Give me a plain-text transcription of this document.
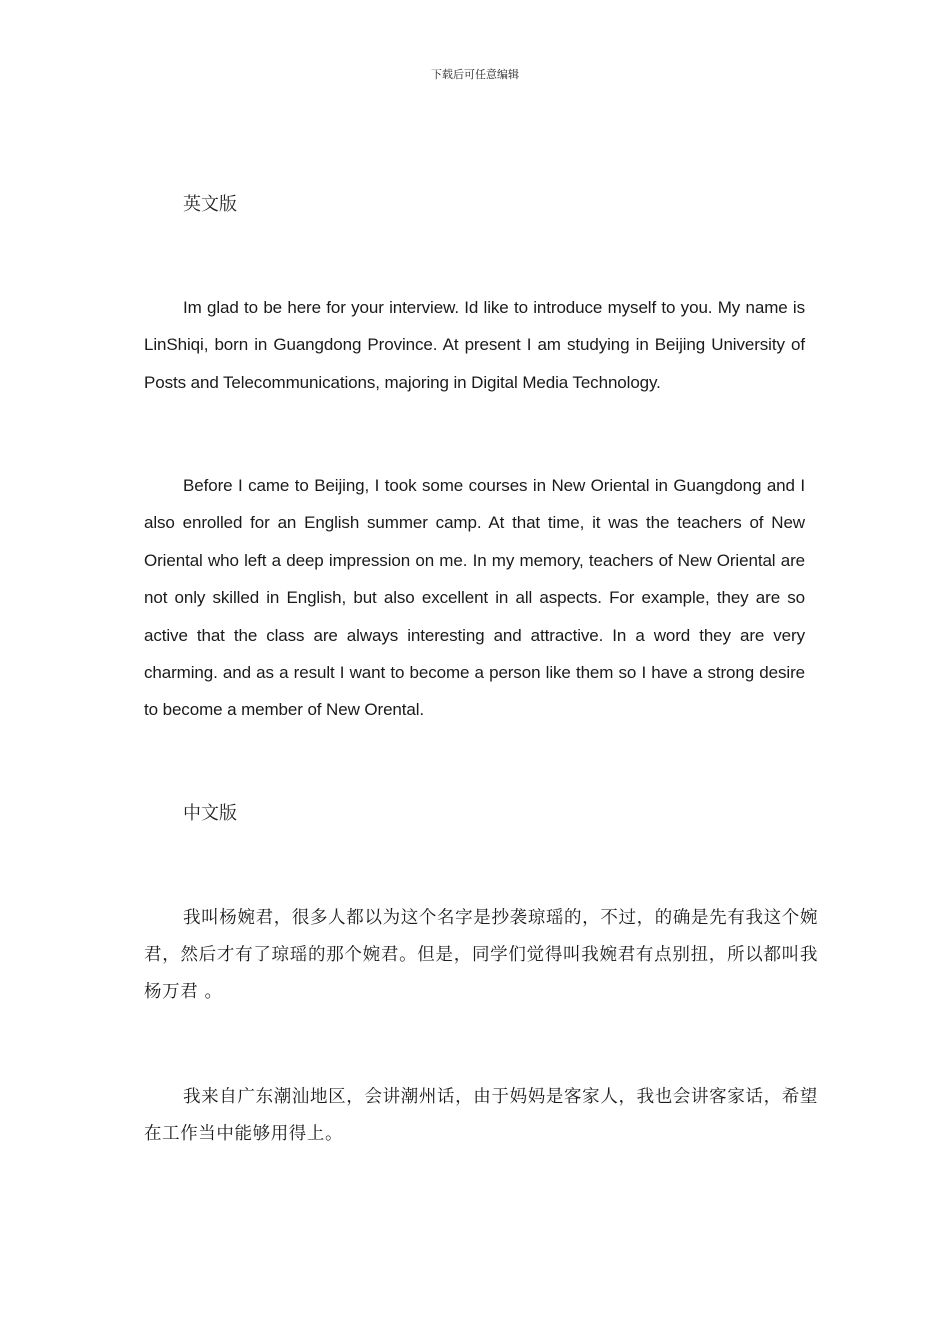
下载后可任意编辑
英文版

Im glad to be here for your interview. Id like to introduce myself to you. My name is LinShiqi, born in Guangdong Province. At present I am studying in Beijing University of Posts and Telecommunications, majoring in Digital Media Technology.

Before I came to Beijing, I took some courses in New Oriental in Guangdong and I also enrolled for an English summer camp. At that time, it was the teachers of New Oriental who left a deep impression on me. In my memory, teachers of New Oriental are not only skilled in English, but also excellent in all aspects. For example, they are so active that the class are always interesting and attractive. In a word they are very charming. and as a result I want to become a person like them so I have a strong desire to become a member of New Orental.

中文版

我叫杨婉君，很多人都以为这个名字是抄袭琼瑶的，不过，的确是先有我这个婉君，然后才有了琼瑶的那个婉君。但是，同学们觉得叫我婉君有点别扭，所以都叫我杨万君 。

我来自广东潮汕地区，会讲潮州话，由于妈妈是客家人，我也会讲客家话，希望在工作当中能够用得上。
